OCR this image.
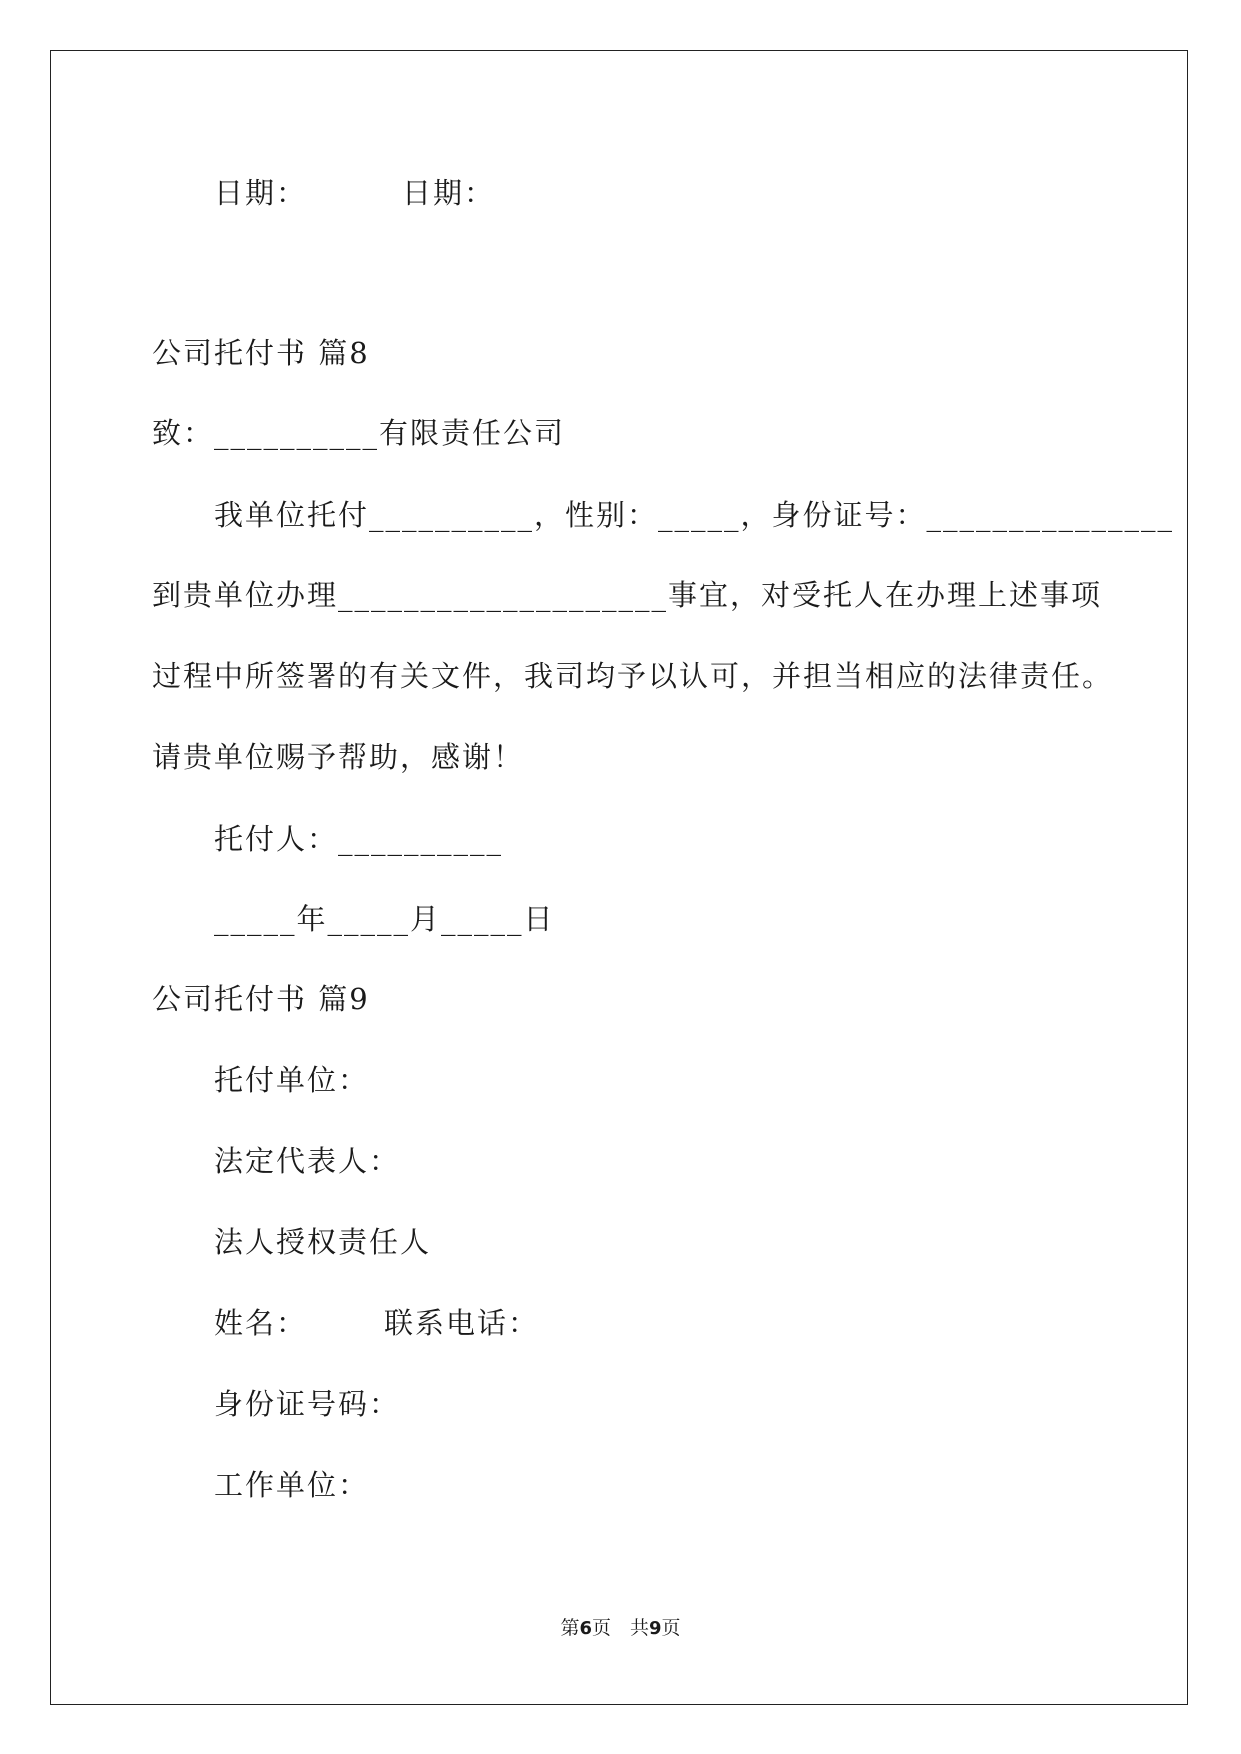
日期：	日期：
公司托付书 篇8
致：__________有限责任公司
我单位托付__________，性别：_____，身份证号：_______________
到贵单位办理____________________事宜，对受托人在办理上述事项
过程中所签署的有关文件，我司均予以认可，并担当相应的法律责任。
请贵单位赐予帮助，感谢！
托付人：__________
_____年_____月_____日
公司托付书 篇9
托付单位：
法定代表人：
法人授权责任人
姓名：	联系电话：
身份证号码：
工作单位：
第6页　共9页
